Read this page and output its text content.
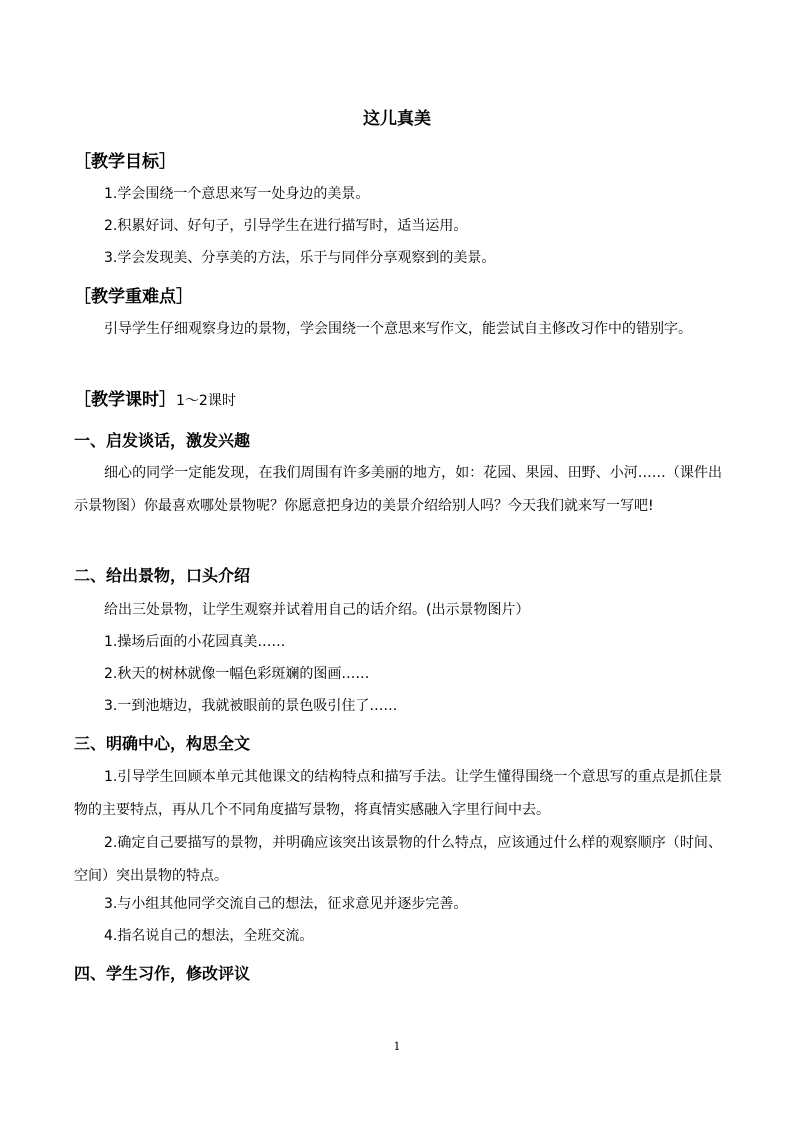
这儿真美
［教学目标］
1.学会围绕一个意思来写一处身边的美景。
2.积累好词、好句子，引导学生在进行描写时，适当运用。
3.学会发现美、分享美的方法，乐于与同伴分享观察到的美景。
［教学重难点］
引导学生仔细观察身边的景物，学会围绕一个意思来写作文，能尝试自主修改习作中的错别字。
［教学课时］1～2课时
一、启发谈话，激发兴趣
细心的同学一定能发现，在我们周围有许多美丽的地方，如：花园、果园、田野、小河……（课件出示景物图）你最喜欢哪处景物呢？你愿意把身边的美景介绍给别人吗？今天我们就来写一写吧!
二、给出景物，口头介绍
给出三处景物，让学生观察并试着用自己的话介绍。(出示景物图片）
1.操场后面的小花园真美……
2.秋天的树林就像一幅色彩斑斓的图画……
3.一到池塘边，我就被眼前的景色吸引住了……
三、明确中心，构思全文
1.引导学生回顾本单元其他课文的结构特点和描写手法。让学生懂得围绕一个意思写的重点是抓住景物的主要特点，再从几个不同角度描写景物，将真情实感融入字里行间中去。
2.确定自己要描写的景物，并明确应该突出该景物的什么特点，应该通过什么样的观察顺序（时间、空间）突出景物的特点。
3.与小组其他同学交流自己的想法，征求意见并逐步完善。
4.指名说自己的想法，全班交流。
四、学生习作，修改评议
1
